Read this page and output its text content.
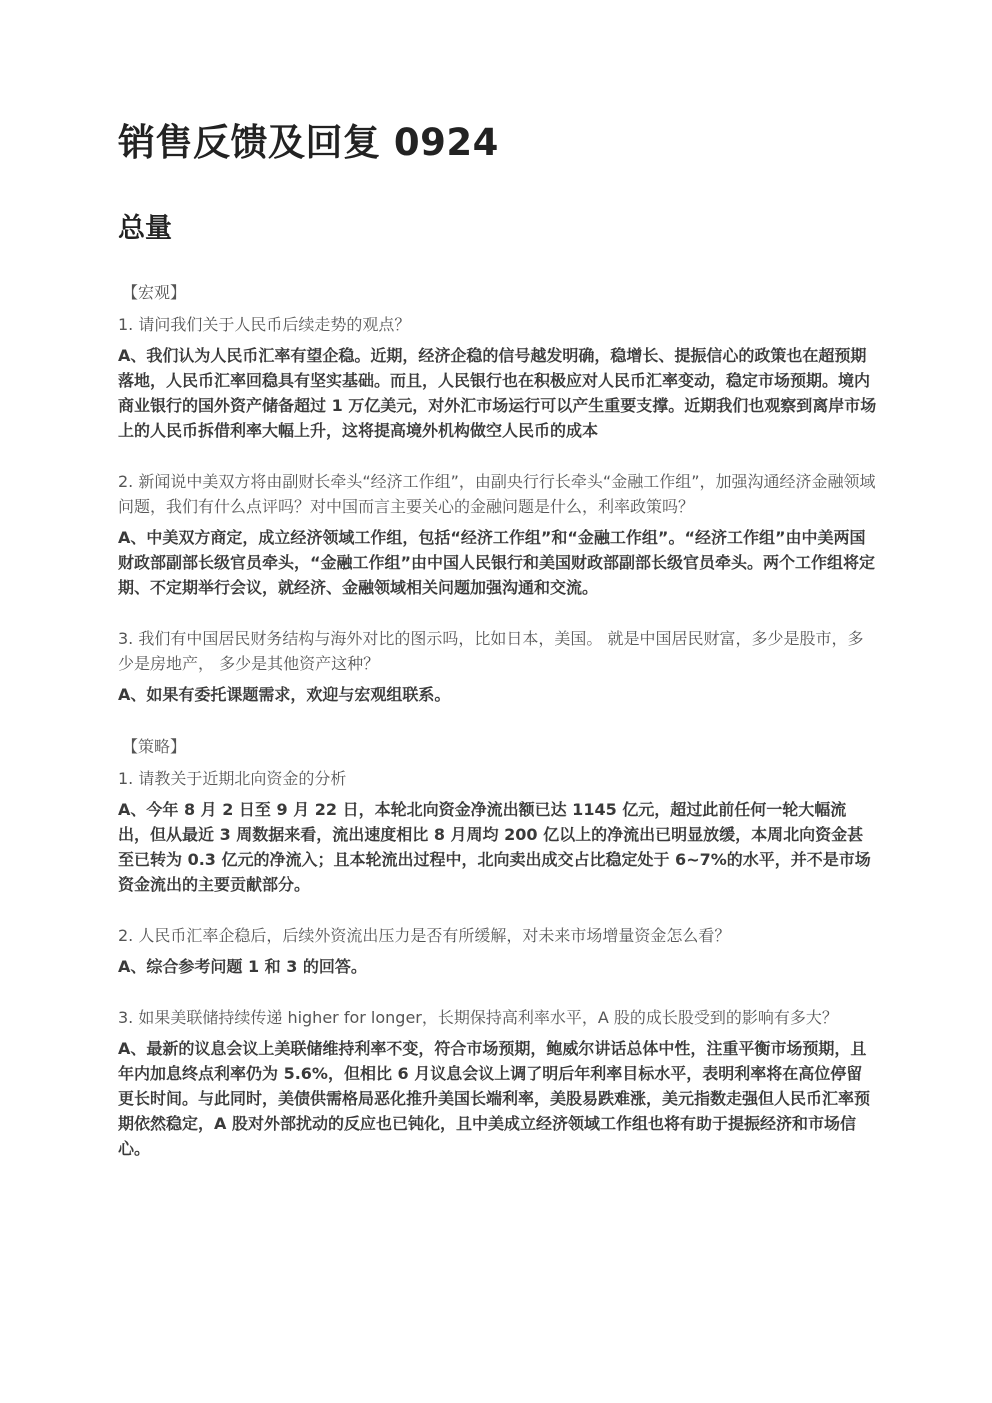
销售反馈及回复 0924
总量

【宏观】

1. 请问我们关于人民币后续走势的观点？

A、我们认为人民币汇率有望企稳。近期，经济企稳的信号越发明确，稳增长、提振信心的政策也在超预期落地，人民币汇率回稳具有坚实基础。而且，人民银行也在积极应对人民币汇率变动，稳定市场预期。境内商业银行的国外资产储备超过 1 万亿美元，对外汇市场运行可以产生重要支撑。近期我们也观察到离岸市场上的人民币拆借利率大幅上升，这将提高境外机构做空人民币的成本

2. 新闻说中美双方将由副财长牵头“经济工作组”，由副央行行长牵头“金融工作组”，加强沟通经济金融领域问题，我们有什么点评吗？对中国而言主要关心的金融问题是什么，利率政策吗？

A、中美双方商定，成立经济领域工作组，包括“经济工作组”和“金融工作组”。“经济工作组”由中美两国财政部副部长级官员牵头，“金融工作组”由中国人民银行和美国财政部副部长级官员牵头。两个工作组将定期、不定期举行会议，就经济、金融领域相关问题加强沟通和交流。

3. 我们有中国居民财务结构与海外对比的图示吗，比如日本，美国。 就是中国居民财富，多少是股市，多少是房地产， 多少是其他资产这种？

A、如果有委托课题需求，欢迎与宏观组联系。

【策略】

1. 请教关于近期北向资金的分析

A、今年 8 月 2 日至 9 月 22 日，本轮北向资金净流出额已达 1145 亿元，超过此前任何一轮大幅流出，但从最近 3 周数据来看，流出速度相比 8 月周均 200 亿以上的净流出已明显放缓，本周北向资金甚至已转为 0.3 亿元的净流入；且本轮流出过程中，北向卖出成交占比稳定处于 6~7%的水平，并不是市场资金流出的主要贡献部分。

2. 人民币汇率企稳后，后续外资流出压力是否有所缓解，对未来市场增量资金怎么看？

A、综合参考问题 1 和 3 的回答。

3. 如果美联储持续传递 higher for longer，长期保持高利率水平，A 股的成长股受到的影响有多大？

A、最新的议息会议上美联储维持利率不变，符合市场预期，鲍威尔讲话总体中性，注重平衡市场预期，且年内加息终点利率仍为 5.6%，但相比 6 月议息会议上调了明后年利率目标水平，表明利率将在高位停留更长时间。与此同时，美债供需格局恶化推升美国长端利率，美股易跌难涨，美元指数走强但人民币汇率预期依然稳定，A 股对外部扰动的反应也已钝化，且中美成立经济领域工作组也将有助于提振经济和市场信心。
